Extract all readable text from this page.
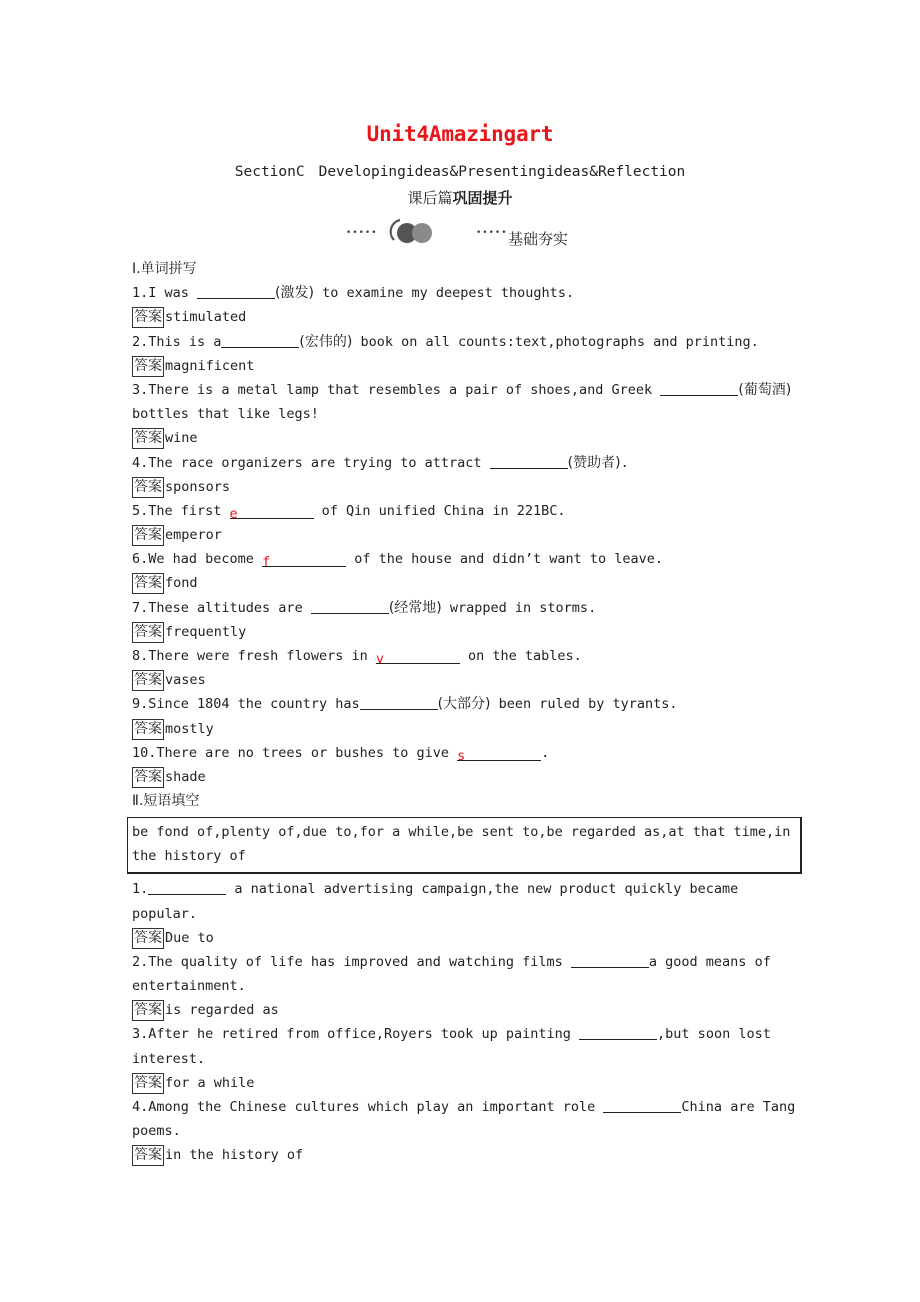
Unit4Amazingart
SectionC Developingideas&Presentingideas&Reflection
课后篇巩固提升
•••••	••••• 基础夯实
Ⅰ.单词拼写
1.I was	(激发) to examine my deepest thoughts.
答案 stimulated
2.This is a	(宏伟的) book on all counts:text,photographs and printing.
答案 magnificent
3.There is a metal lamp that resembles a pair of shoes,and Greek	(葡萄酒)
bottles that like legs!
答案 wine
4.The race organizers are trying to attract	(赞助者).
答案 sponsors
5.The first e	of Qin unified China in 221BC.
答案 emperor
6.We had become f	of the house and didn’t want to leave.
答案 fond
7.These altitudes are	(经常地) wrapped in storms.
答案 frequently
8.There were fresh flowers in v	on the tables.
答案 vases
9.Since 1804 the country has	(大部分) been ruled by tyrants.
答案 mostly
10.There are no trees or bushes to give s	.
答案 shade
Ⅱ.短语填空
be fond of,plenty of,due to,for a while,be sent to,be regarded as,at that time,in
the history of
1.	a national advertising campaign,the new product quickly became
popular.
答案 Due to
2.The quality of life has improved and watching films	a good means of
entertainment.
答案 is regarded as
3.After he retired from office,Royers took up painting	,but soon lost
interest.
答案 for a while
4.Among the Chinese cultures which play an important role	China are Tang
poems.
答案 in the history of
